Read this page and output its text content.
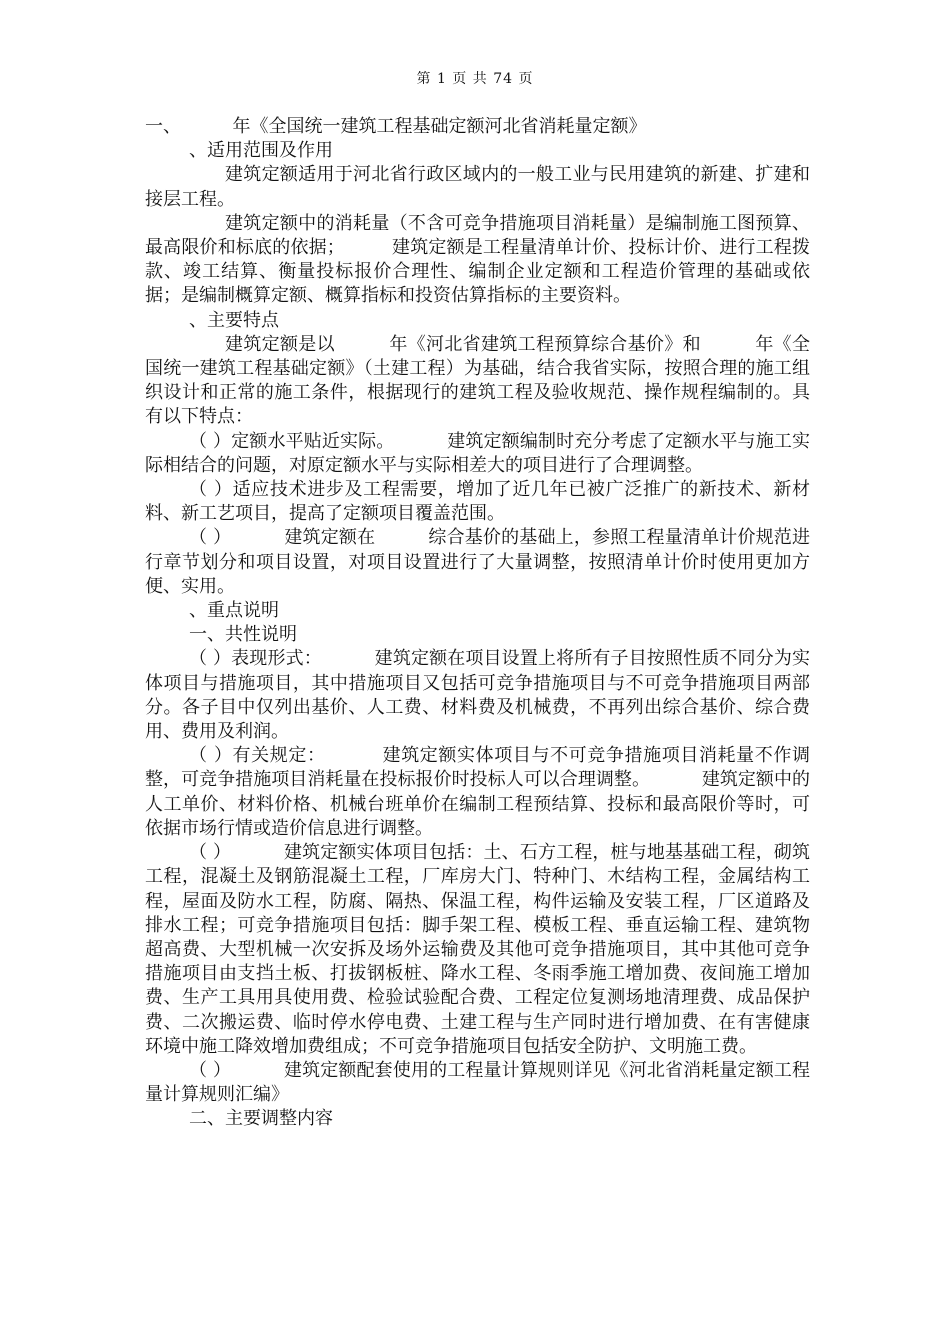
第 1 页 共 74 页

一、         年《全国统一建筑工程基础定额河北省消耗量定额》

、适用范围及作用

建筑定额适用于河北省行政区域内的一般工业与民用建筑的新建、扩建和接层工程。

建筑定额中的消耗量（不含可竞争措施项目消耗量）是编制施工图预算、最高限价和标底的依据；        建筑定额是工程量清单计价、投标计价、进行工程拨款、竣工结算、衡量投标报价合理性、编制企业定额和工程造价管理的基础或依据；是编制概算定额、概算指标和投资估算指标的主要资料。

、主要特点

建筑定额是以         年《河北省建筑工程预算综合基价》和         年《全国统一建筑工程基础定额》（土建工程）为基础，结合我省实际，按照合理的施工组织设计和正常的施工条件，根据现行的建筑工程及验收规范、操作规程编制的。具有以下特点：

（ ）定额水平贴近实际。         建筑定额编制时充分考虑了定额水平与施工实际相结合的问题，对原定额水平与实际相差大的项目进行了合理调整。

（ ）适应技术进步及工程需要，增加了近几年已被广泛推广的新技术、新材料、新工艺项目，提高了定额项目覆盖范围。

（ ）         建筑定额在         综合基价的基础上，参照工程量清单计价规范进行章节划分和项目设置，对项目设置进行了大量调整，按照清单计价时使用更加方便、实用。

、重点说明

一、共性说明

（ ）表现形式：         建筑定额在项目设置上将所有子目按照性质不同分为实体项目与措施项目，其中措施项目又包括可竞争措施项目与不可竞争措施项目两部分。各子目中仅列出基价、人工费、材料费及机械费，不再列出综合基价、综合费用、费用及利润。

（ ）有关规定：         建筑定额实体项目与不可竞争措施项目消耗量不作调整，可竞争措施项目消耗量在投标报价时投标人可以合理调整。         建筑定额中的人工单价、材料价格、机械台班单价在编制工程预结算、投标和最高限价等时，可依据市场行情或造价信息进行调整。

（ ）         建筑定额实体项目包括：土、石方工程，桩与地基基础工程，砌筑工程，混凝土及钢筋混凝土工程，厂库房大门、特种门、木结构工程，金属结构工程，屋面及防水工程，防腐、隔热、保温工程，构件运输及安装工程，厂区道路及排水工程；可竞争措施项目包括：脚手架工程、模板工程、垂直运输工程、建筑物超高费、大型机械一次安拆及场外运输费及其他可竞争措施项目，其中其他可竞争措施项目由支挡土板、打拔钢板桩、降水工程、冬雨季施工增加费、夜间施工增加费、生产工具用具使用费、检验试验配合费、工程定位复测场地清理费、成品保护费、二次搬运费、临时停水停电费、土建工程与生产同时进行增加费、在有害健康环境中施工降效增加费组成；不可竞争措施项目包括安全防护、文明施工费。

（ ）         建筑定额配套使用的工程量计算规则详见《河北省消耗量定额工程量计算规则汇编》

二、主要调整内容
